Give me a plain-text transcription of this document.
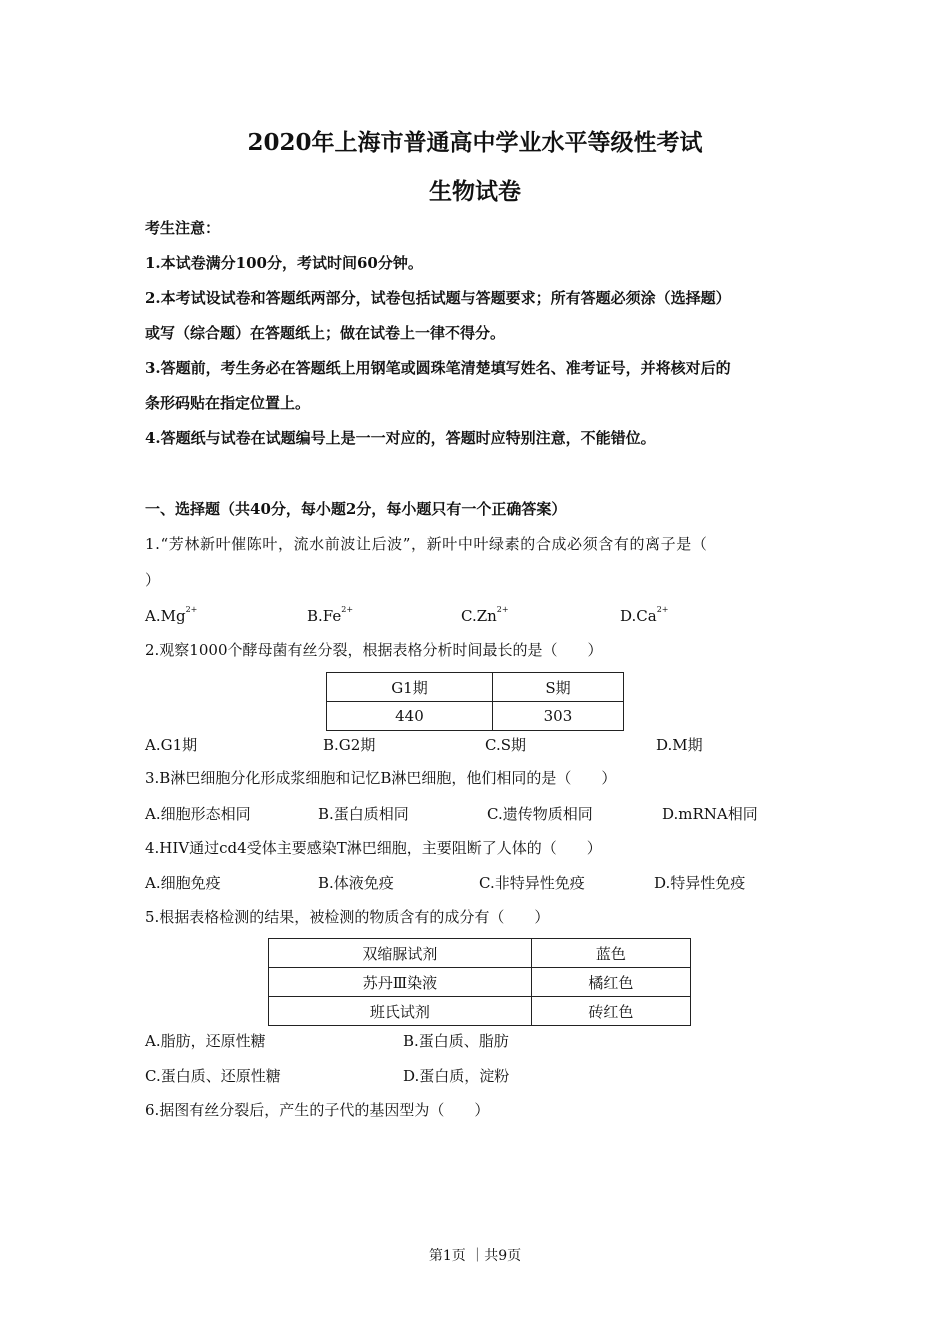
2020年上海市普通高中学业水平等级性考试
生物试卷
考生注意：
1.本试卷满分100分，考试时间60分钟。
2.本考试设试卷和答题纸两部分，试卷包括试题与答题要求；所有答题必须涂（选择题）
或写（综合题）在答题纸上；做在试卷上一律不得分。
3.答题前，考生务必在答题纸上用钢笔或圆珠笔清楚填写姓名、准考证号，并将核对后的
条形码贴在指定位置上。
4.答题纸与试卷在试题编号上是一一对应的，答题时应特别注意，不能错位。
一、选择题（共40分，每小题2分，每小题只有一个正确答案）
1.“芳林新叶催陈叶，流水前波让后波”，新叶中叶绿素的合成必须含有的离子是（
）
$A.Mg^{2+}$	$B.Fe^{2+}$	$C.Zn^{2+}$	$D.Ca^{2+}$
2.观察1000个酵母菌有丝分裂，根据表格分析时间最长的是（　　）
G1期	S期
440	303
A.G1期	B.G2期	C.S期	D.M期
3.B淋巴细胞分化形成浆细胞和记忆B淋巴细胞，他们相同的是（　　）
A.细胞形态相同	B.蛋白质相同	C.遗传物质相同	D.mRNA相同
4.HIV通过cd4受体主要感染T淋巴细胞，主要阻断了人体的（　　）
A.细胞免疫	B.体液免疫	C.非特异性免疫	D.特异性免疫
5.根据表格检测的结果，被检测的物质含有的成分有（　　）
双缩脲试剂	蓝色
苏丹Ⅲ染液	橘红色
班氏试剂	砖红色
A.脂肪，还原性糖	B.蛋白质、脂肪
C.蛋白质、还原性糖	D.蛋白质，淀粉
6.据图有丝分裂后，产生的子代的基因型为（　　）
第1页 ｜共9页
